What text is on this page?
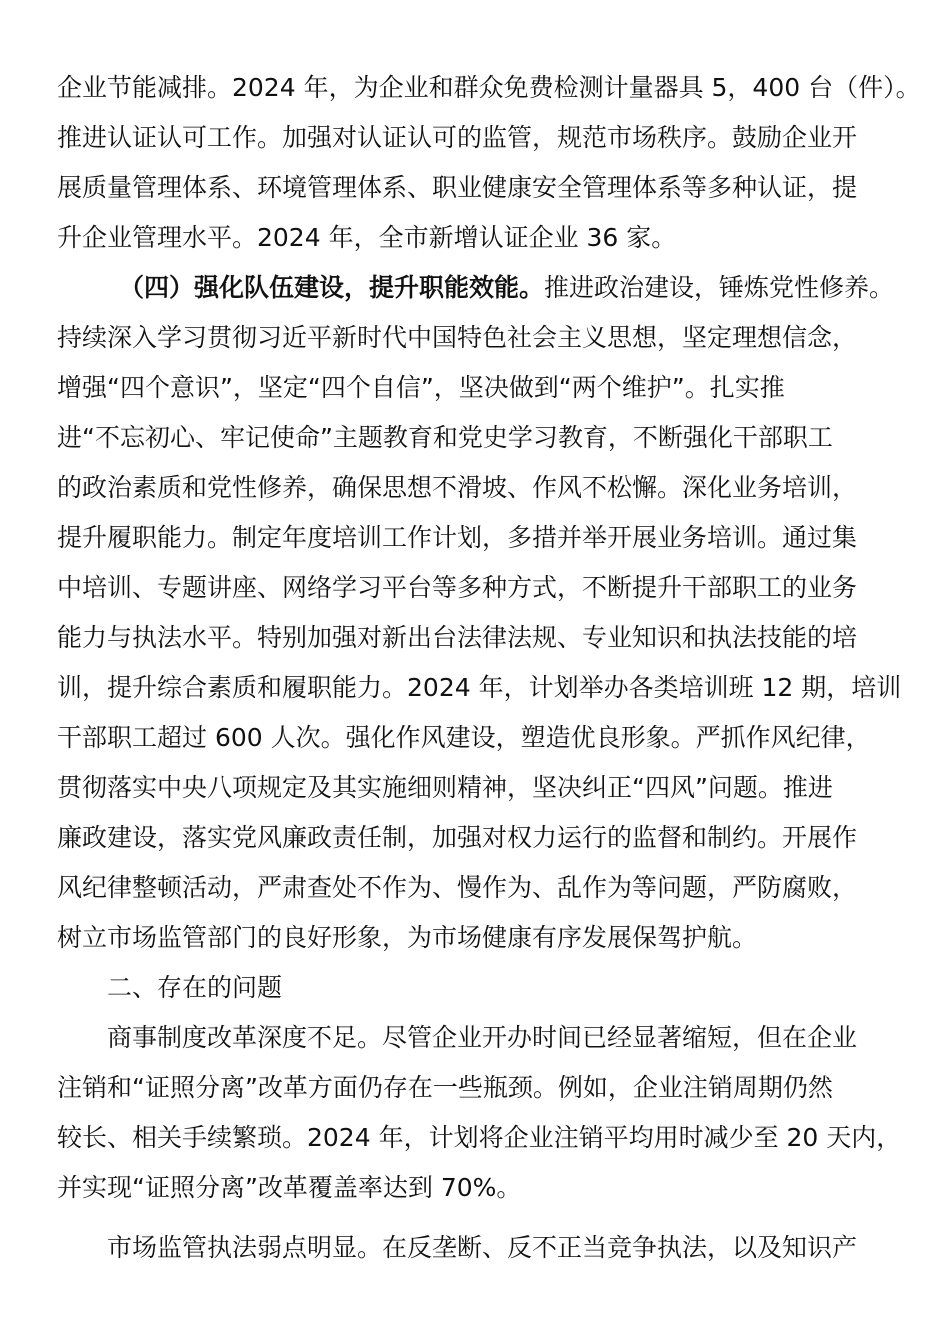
企业节能减排。2024 年，为企业和群众免费检测计量器具 5，400 台（件）。
推进认证认可工作。加强对认证认可的监管，规范市场秩序。鼓励企业开
展质量管理体系、环境管理体系、职业健康安全管理体系等多种认证，提
升企业管理水平。2024 年，全市新增认证企业 36 家。
（四）强化队伍建设，提升职能效能。推进政治建设，锤炼党性修养。
持续深入学习贯彻习近平新时代中国特色社会主义思想，坚定理想信念，
增强“四个意识”，坚定“四个自信”，坚决做到“两个维护”。扎实推
进“不忘初心、牢记使命”主题教育和党史学习教育，不断强化干部职工
的政治素质和党性修养，确保思想不滑坡、作风不松懈。深化业务培训，
提升履职能力。制定年度培训工作计划，多措并举开展业务培训。通过集
中培训、专题讲座、网络学习平台等多种方式，不断提升干部职工的业务
能力与执法水平。特别加强对新出台法律法规、专业知识和执法技能的培
训，提升综合素质和履职能力。2024 年，计划举办各类培训班 12 期，培训
干部职工超过 600 人次。强化作风建设，塑造优良形象。严抓作风纪律，
贯彻落实中央八项规定及其实施细则精神，坚决纠正“四风”问题。推进
廉政建设，落实党风廉政责任制，加强对权力运行的监督和制约。开展作
风纪律整顿活动，严肃查处不作为、慢作为、乱作为等问题，严防腐败，
树立市场监管部门的良好形象，为市场健康有序发展保驾护航。
二、存在的问题
商事制度改革深度不足。尽管企业开办时间已经显著缩短，但在企业
注销和“证照分离”改革方面仍存在一些瓶颈。例如，企业注销周期仍然
较长、相关手续繁琐。2024 年，计划将企业注销平均用时减少至 20 天内，
并实现“证照分离”改革覆盖率达到 70%。
市场监管执法弱点明显。在反垄断、反不正当竞争执法，以及知识产
